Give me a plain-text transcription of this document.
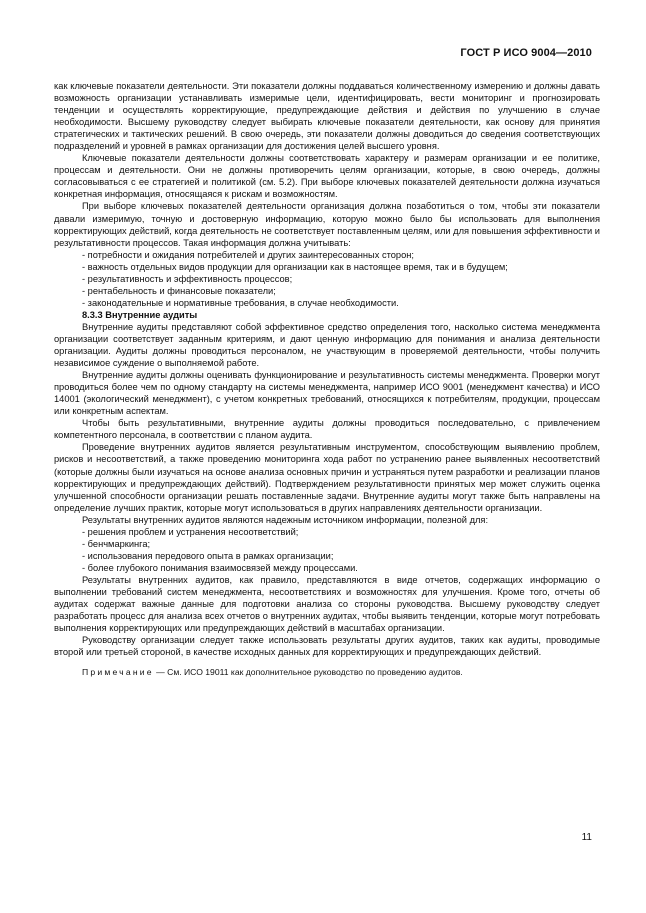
ГОСТ Р ИСО 9004—2010

как ключевые показатели деятельности. Эти показатели должны поддаваться количественному измерению и должны давать возможность организации устанавливать измеримые цели, идентифицировать, вести мониторинг и прогнозировать тенденции и осуществлять корректирующие, предупреждающие действия и действия по улучшению в случае необходимости. Высшему руководству следует выбирать ключевые показатели деятельности, как основу для принятия стратегических и тактических решений. В свою очередь, эти показатели должны доводиться до сведения соответствующих подразделений и уровней в рамках организации для достижения целей высшего уровня.

Ключевые показатели деятельности должны соответствовать характеру и размерам организации и ее политике, процессам и деятельности. Они не должны противоречить целям организации, которые, в свою очередь, должны согласовываться с ее стратегией и политикой (см. 5.2). При выборе ключевых показателей деятельности должна изучаться конкретная информация, относящаяся к рискам и возможностям.

При выборе ключевых показателей деятельности организация должна позаботиться о том, чтобы эти показатели давали измеримую, точную и достоверную информацию, которую можно было бы использовать для выполнения корректирующих действий, когда деятельность не соответствует поставленным целям, или для повышения эффективности и результативности процессов. Такая информация должна учитывать:

- потребности и ожидания потребителей и других заинтересованных сторон;

- важность отдельных видов продукции для организации как в настоящее время, так и в будущем;

- результативность и эффективность процессов;

- рентабельность и финансовые показатели;

- законодательные и нормативные требования, в случае необходимости.

8.3.3 Внутренние аудиты

Внутренние аудиты представляют собой эффективное средство определения того, насколько система менеджмента организации соответствует заданным критериям, и дают ценную информацию для понимания и анализа деятельности организации. Аудиты должны проводиться персоналом, не участвующим в проверяемой деятельности, чтобы получить независимое суждение о выполняемой работе.

Внутренние аудиты должны оценивать функционирование и результативность системы менеджмента. Проверки могут проводиться более чем по одному стандарту на системы менеджмента, например ИСО 9001 (менеджмент качества) и ИСО 14001 (экологический менеджмент), с учетом конкретных требований, относящихся к потребителям, продукции, процессам или конкретным аспектам.

Чтобы быть результативными, внутренние аудиты должны проводиться последовательно, с привлечением компетентного персонала, в соответствии с планом аудита.

Проведение внутренних аудитов является результативным инструментом, способствующим выявлению проблем, рисков и несоответствий, а также проведению мониторинга хода работ по устранению ранее выявленных несоответствий (которые должны были изучаться на основе анализа основных причин и устраняться путем разработки и реализации планов корректирующих и предупреждающих действий). Подтверждением результативности принятых мер может служить оценка улучшенной способности организации решать поставленные задачи. Внутренние аудиты могут также быть направлены на определение лучших практик, которые могут использоваться в других направлениях деятельности организации.

Результаты внутренних аудитов являются надежным источником информации, полезной для:

- решения проблем и устранения несоответствий;

- бенчмаркинга;

- использования передового опыта в рамках организации;

- более глубокого понимания взаимосвязей между процессами.

Результаты внутренних аудитов, как правило, представляются в виде отчетов, содержащих информацию о выполнении требований систем менеджмента, несоответствиях и возможностях для улучшения. Кроме того, отчеты об аудитах содержат важные данные для подготовки анализа со стороны руководства. Высшему руководству следует разработать процесс для анализа всех отчетов о внутренних аудитах, чтобы выявить тенденции, которые могут потребовать выполнения корректирующих или предупреждающих действий в масштабах организации.

Руководству организации следует также использовать результаты других аудитов, таких как аудиты, проводимые второй или третьей стороной, в качестве исходных данных для корректирующих и предупреждающих действий.

Примечание — См. ИСО 19011 как дополнительное руководство по проведению аудитов.

11
